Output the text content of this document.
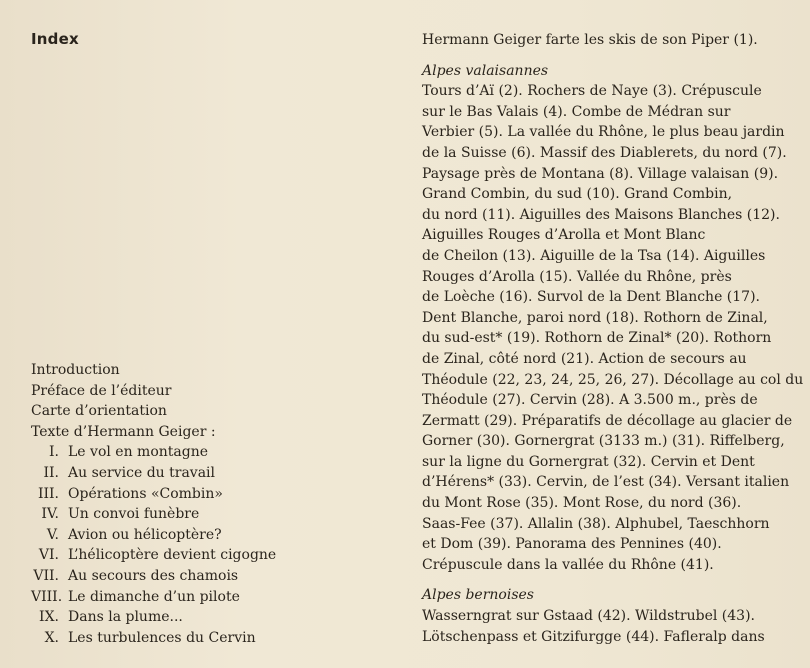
Index
Introduction
Préface de l’éditeur
Carte d’orientation
Texte d’Hermann Geiger :
I. Le vol en montagne
II. Au service du travail
III. Opérations «Combin»
IV. Un convoi funèbre
V. Avion ou hélicoptère?
VI. L’hélicoptère devient cigogne
VII. Au secours des chamois
VIII. Le dimanche d’un pilote
IX. Dans la plume...
X. Les turbulences du Cervin
Hermann Geiger farte les skis de son Piper (1).
Alpes valaisannes
Tours d’Aï (2). Rochers de Naye (3). Crépuscule
sur le Bas Valais (4). Combe de Médran sur
Verbier (5). La vallée du Rhône, le plus beau jardin
de la Suisse (6). Massif des Diablerets, du nord (7).
Paysage près de Montana (8). Village valaisan (9).
Grand Combin, du sud (10). Grand Combin,
du nord (11). Aiguilles des Maisons Blanches (12).
Aiguilles Rouges d’Arolla et Mont Blanc
de Cheilon (13). Aiguille de la Tsa (14). Aiguilles
Rouges d’Arolla (15). Vallée du Rhône, près
de Loèche (16). Survol de la Dent Blanche (17).
Dent Blanche, paroi nord (18). Rothorn de Zinal,
du sud-est* (19). Rothorn de Zinal* (20). Rothorn
de Zinal, côté nord (21). Action de secours au
Théodule (22, 23, 24, 25, 26, 27). Décollage au col du
Théodule (27). Cervin (28). A 3.500 m., près de
Zermatt (29). Préparatifs de décollage au glacier de
Gorner (30). Gornergrat (3133 m.) (31). Riffelberg,
sur la ligne du Gornergrat (32). Cervin et Dent
d’Hérens* (33). Cervin, de l’est (34). Versant italien
du Mont Rose (35). Mont Rose, du nord (36).
Saas-Fee (37). Allalin (38). Alphubel, Taeschhorn
et Dom (39). Panorama des Pennines (40).
Crépuscule dans la vallée du Rhône (41).
Alpes bernoises
Wasserngrat sur Gstaad (42). Wildstrubel (43).
Lötschenpass et Gitzifurgge (44). Fafleralp dans
